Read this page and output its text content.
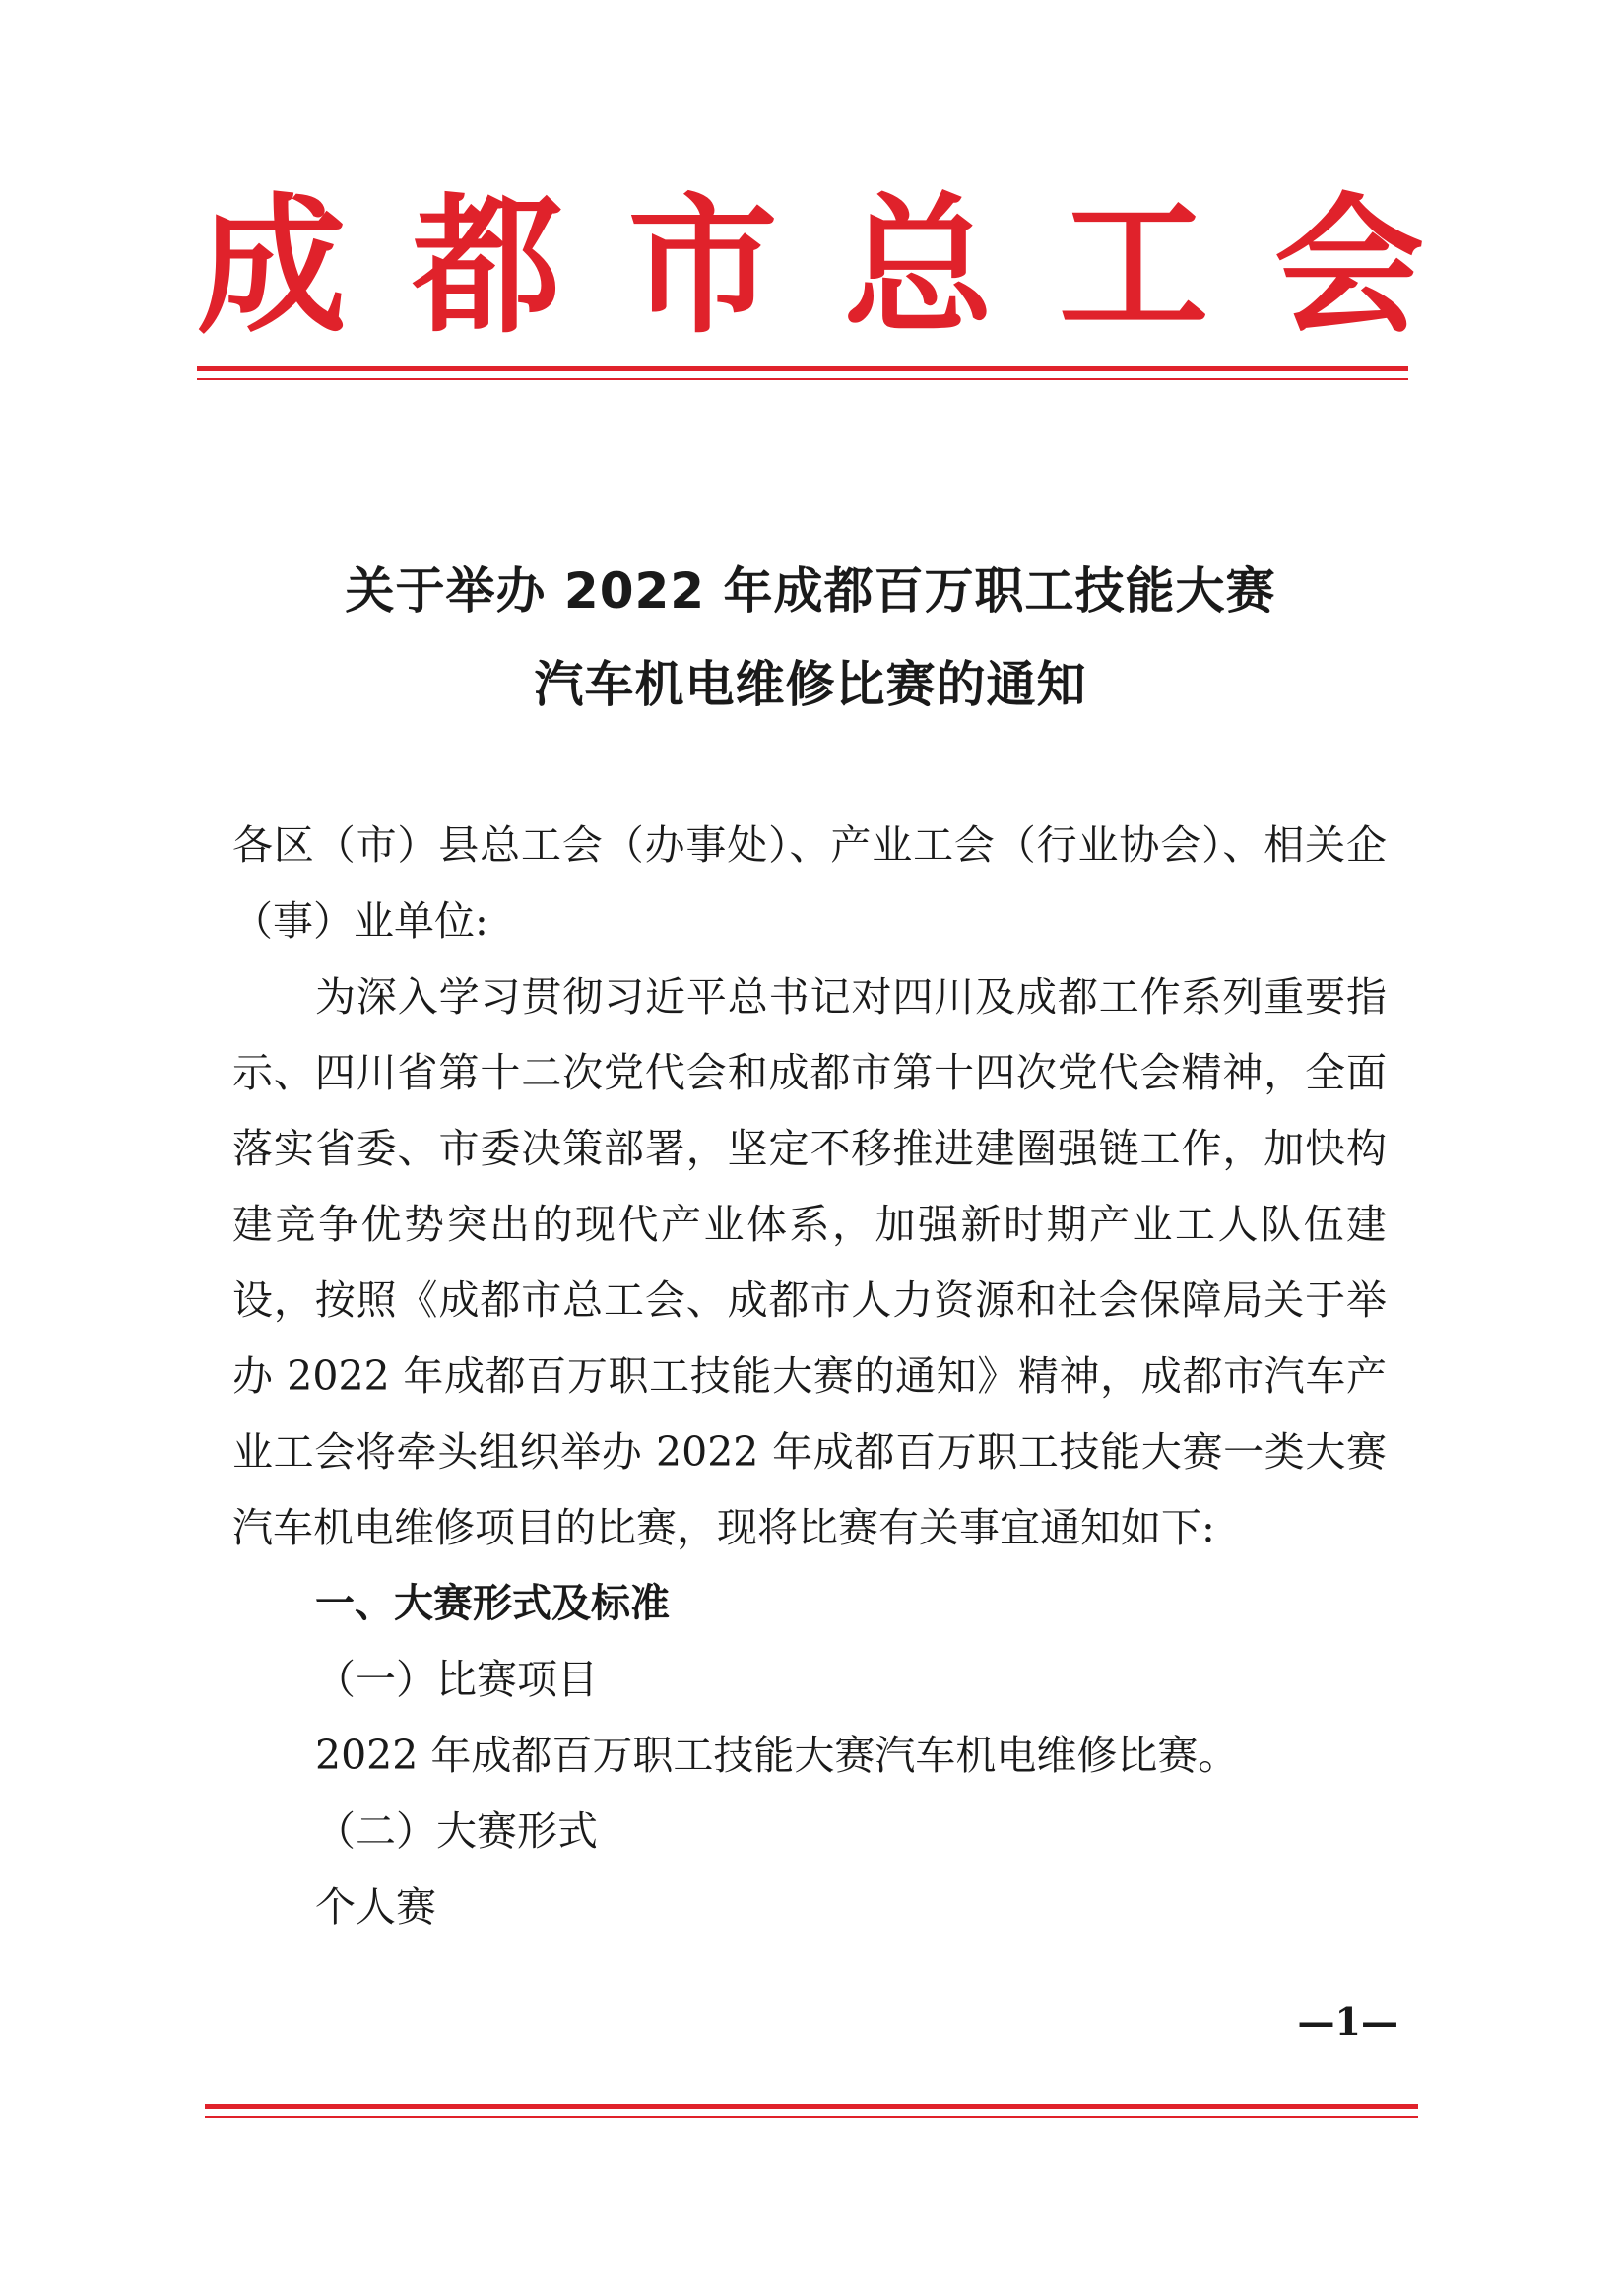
成 都 市 总 工 会
关于举办 2022 年成都百万职工技能大赛
汽车机电维修比赛的通知

各区（市）县总工会（办事处）、产业工会（行业协会）、相关企（事）业单位:

为深入学习贯彻习近平总书记对四川及成都工作系列重要指示、四川省第十二次党代会和成都市第十四次党代会精神，全面落实省委、市委决策部署，坚定不移推进建圈强链工作，加快构建竞争优势突出的现代产业体系，加强新时期产业工人队伍建设，按照《成都市总工会、成都市人力资源和社会保障局关于举办 2022 年成都百万职工技能大赛的通知》精神，成都市汽车产业工会将牵头组织举办 2022 年成都百万职工技能大赛一类大赛汽车机电维修项目的比赛，现将比赛有关事宜通知如下:

一、大赛形式及标准

（一）比赛项目

2022 年成都百万职工技能大赛汽车机电维修比赛。

（二）大赛形式

个人赛

—1—
